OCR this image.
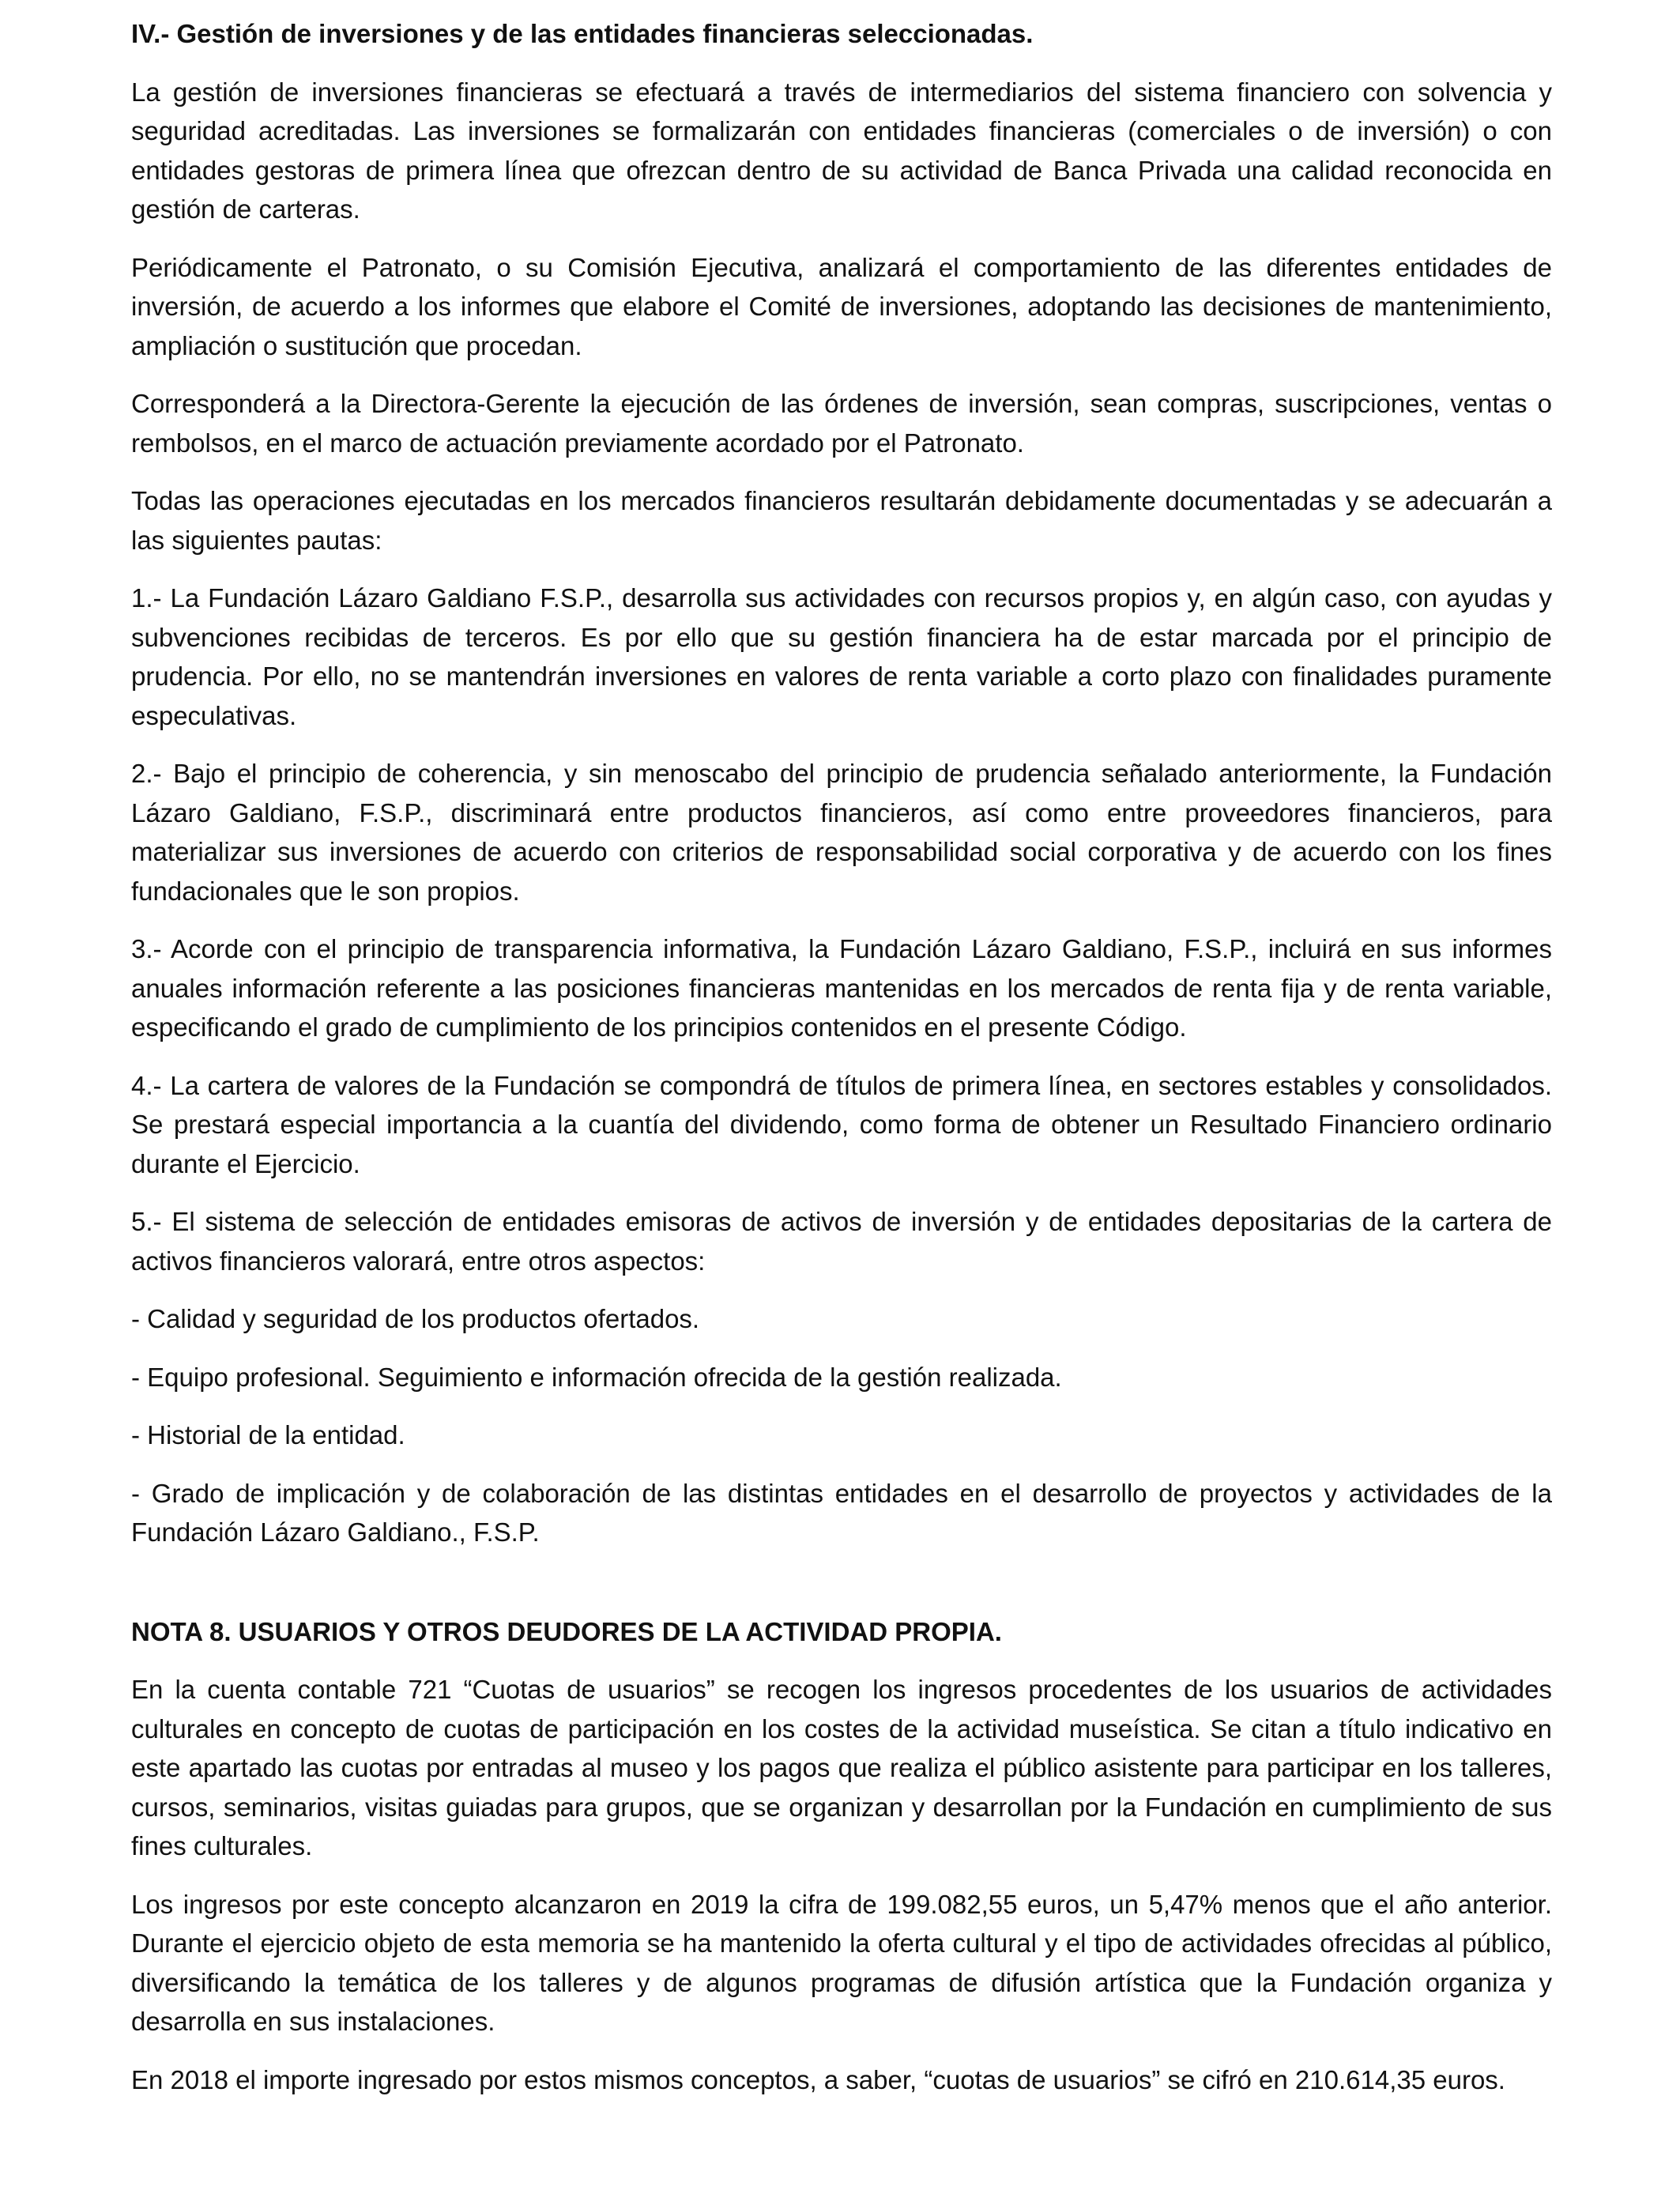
IV.- Gestión de inversiones y de las entidades financieras seleccionadas.

La gestión de inversiones financieras se efectuará a través de intermediarios del sistema financiero con solvencia y seguridad acreditadas. Las inversiones se formalizarán con entidades financieras (comerciales o de inversión) o con entidades gestoras de primera línea que ofrezcan dentro de su actividad de Banca Privada una calidad reconocida en gestión de carteras.

Periódicamente el Patronato, o su Comisión Ejecutiva, analizará el comportamiento de las diferentes entidades de inversión, de acuerdo a los informes que elabore el Comité de inversiones, adoptando las decisiones de mantenimiento, ampliación o sustitución que procedan.

Corresponderá a la Directora-Gerente la ejecución de las órdenes de inversión, sean compras, suscripciones, ventas o rembolsos, en el marco de actuación previamente acordado por el Patronato.

Todas las operaciones ejecutadas en los mercados financieros resultarán debidamente documentadas y se adecuarán a las siguientes pautas:

1.- La Fundación Lázaro Galdiano F.S.P., desarrolla sus actividades con recursos propios y, en algún caso, con ayudas y subvenciones recibidas de terceros. Es por ello que su gestión financiera ha de estar marcada por el principio de prudencia. Por ello, no se mantendrán inversiones en valores de renta variable a corto plazo con finalidades puramente especulativas.

2.- Bajo el principio de coherencia, y sin menoscabo del principio de prudencia señalado anteriormente, la Fundación Lázaro Galdiano, F.S.P., discriminará entre productos financieros, así como entre proveedores financieros, para materializar sus inversiones de acuerdo con criterios de responsabilidad social corporativa y de acuerdo con los fines fundacionales que le son propios.

3.- Acorde con el principio de transparencia informativa, la Fundación Lázaro Galdiano, F.S.P., incluirá en sus informes anuales información referente a las posiciones financieras mantenidas en los mercados de renta fija y de renta variable, especificando el grado de cumplimiento de los principios contenidos en el presente Código.

4.- La cartera de valores de la Fundación se compondrá de títulos de primera línea, en sectores estables y consolidados. Se prestará especial importancia a la cuantía del dividendo, como forma de obtener un Resultado Financiero ordinario durante el Ejercicio.

5.- El sistema de selección de entidades emisoras de activos de inversión y de entidades depositarias de la cartera de activos financieros valorará, entre otros aspectos:

- Calidad y seguridad de los productos ofertados.

- Equipo profesional. Seguimiento e información ofrecida de la gestión realizada.

- Historial de la entidad.

- Grado de implicación y de colaboración de las distintas entidades en el desarrollo de proyectos y actividades de la Fundación Lázaro Galdiano., F.S.P.

NOTA 8. USUARIOS Y OTROS DEUDORES DE LA ACTIVIDAD PROPIA.

En la cuenta contable 721 “Cuotas de usuarios” se recogen los ingresos procedentes de los usuarios de actividades culturales en concepto de cuotas de participación en los costes de la actividad museística. Se citan a título indicativo en este apartado las cuotas por entradas al museo y los pagos que realiza el público asistente para participar en los talleres, cursos, seminarios, visitas guiadas para grupos, que se organizan y desarrollan por la Fundación en cumplimiento de sus fines culturales.

Los ingresos por este concepto alcanzaron en 2019 la cifra de 199.082,55 euros, un 5,47% menos que el año anterior. Durante el ejercicio objeto de esta memoria se ha mantenido la oferta cultural y el tipo de actividades ofrecidas al público, diversificando la temática de los talleres y de algunos programas de difusión artística que la Fundación organiza y desarrolla en sus instalaciones.

En 2018 el importe ingresado por estos mismos conceptos, a saber, “cuotas de usuarios” se cifró en 210.614,35 euros.
